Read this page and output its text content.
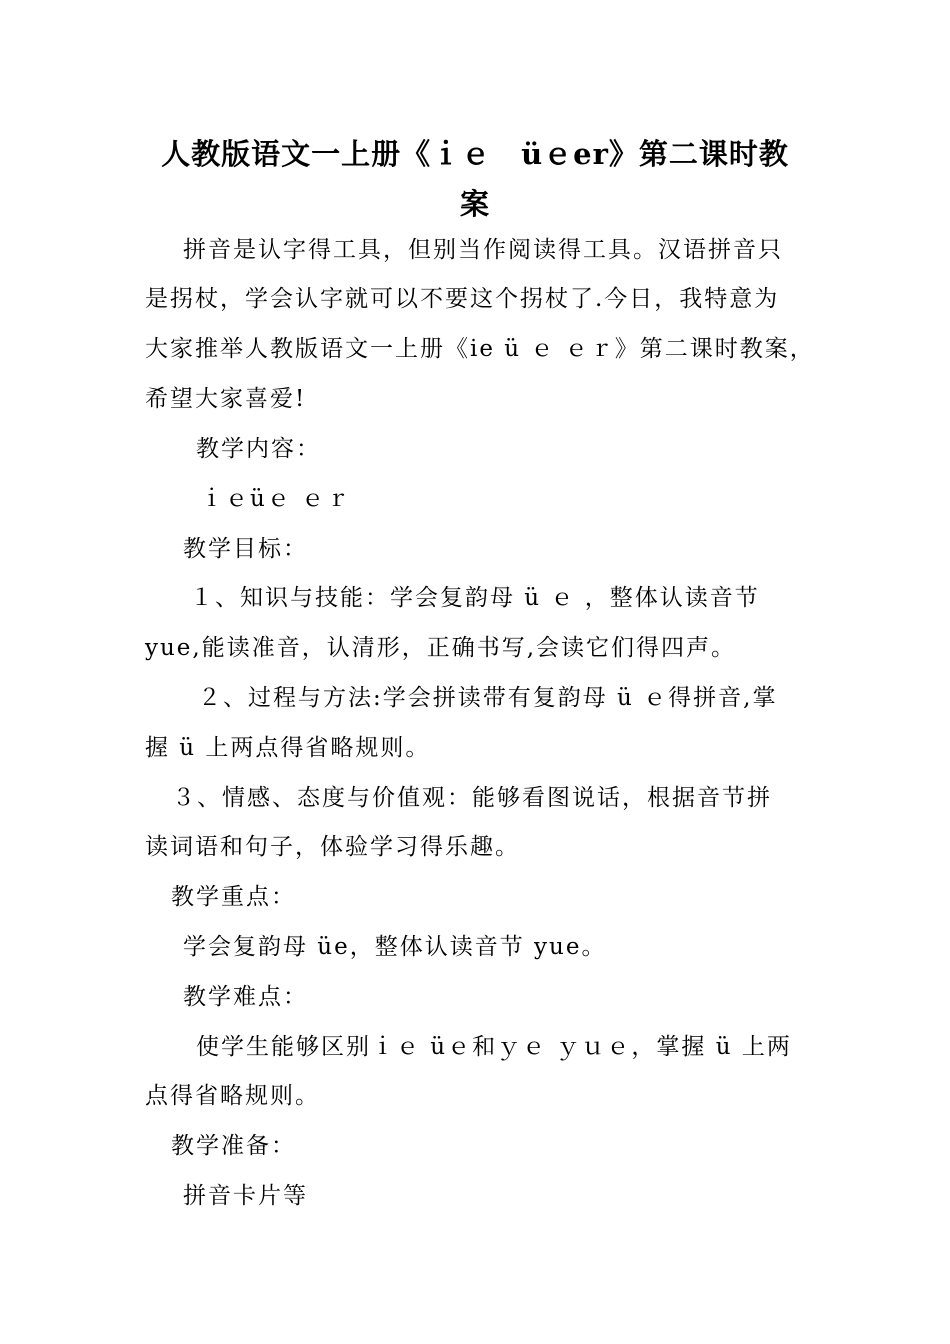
人教版语文一上册《ｉｅ　üｅer》第二课时教
案
拼音是认字得工具，但别当作阅读得工具。汉语拼音只
是拐杖，学会认字就可以不要这个拐杖了.今日，我特意为
大家推举人教版语文一上册《ie ü ｅ ｅｒ》第二课时教案，
希望大家喜爱!
教学内容：
ｉｅüｅ ｅｒ
教学目标：
１、知识与技能：学会复韵母 ü ｅ ，整体认读音节
yue,能读准音，认清形，正确书写,会读它们得四声。
２、过程与方法:学会拼读带有复韵母 ü ｅ得拼音,掌
握 ü 上两点得省略规则。
３、情感、态度与价值观：能够看图说话，根据音节拼
读词语和句子，体验学习得乐趣。
教学重点：
学会复韵母 üe，整体认读音节 yue。
教学难点：
使学生能够区别ｉｅ üｅ和ｙｅ ｙｕｅ，掌握 ü 上两
点得省略规则。
教学准备：
拼音卡片等
